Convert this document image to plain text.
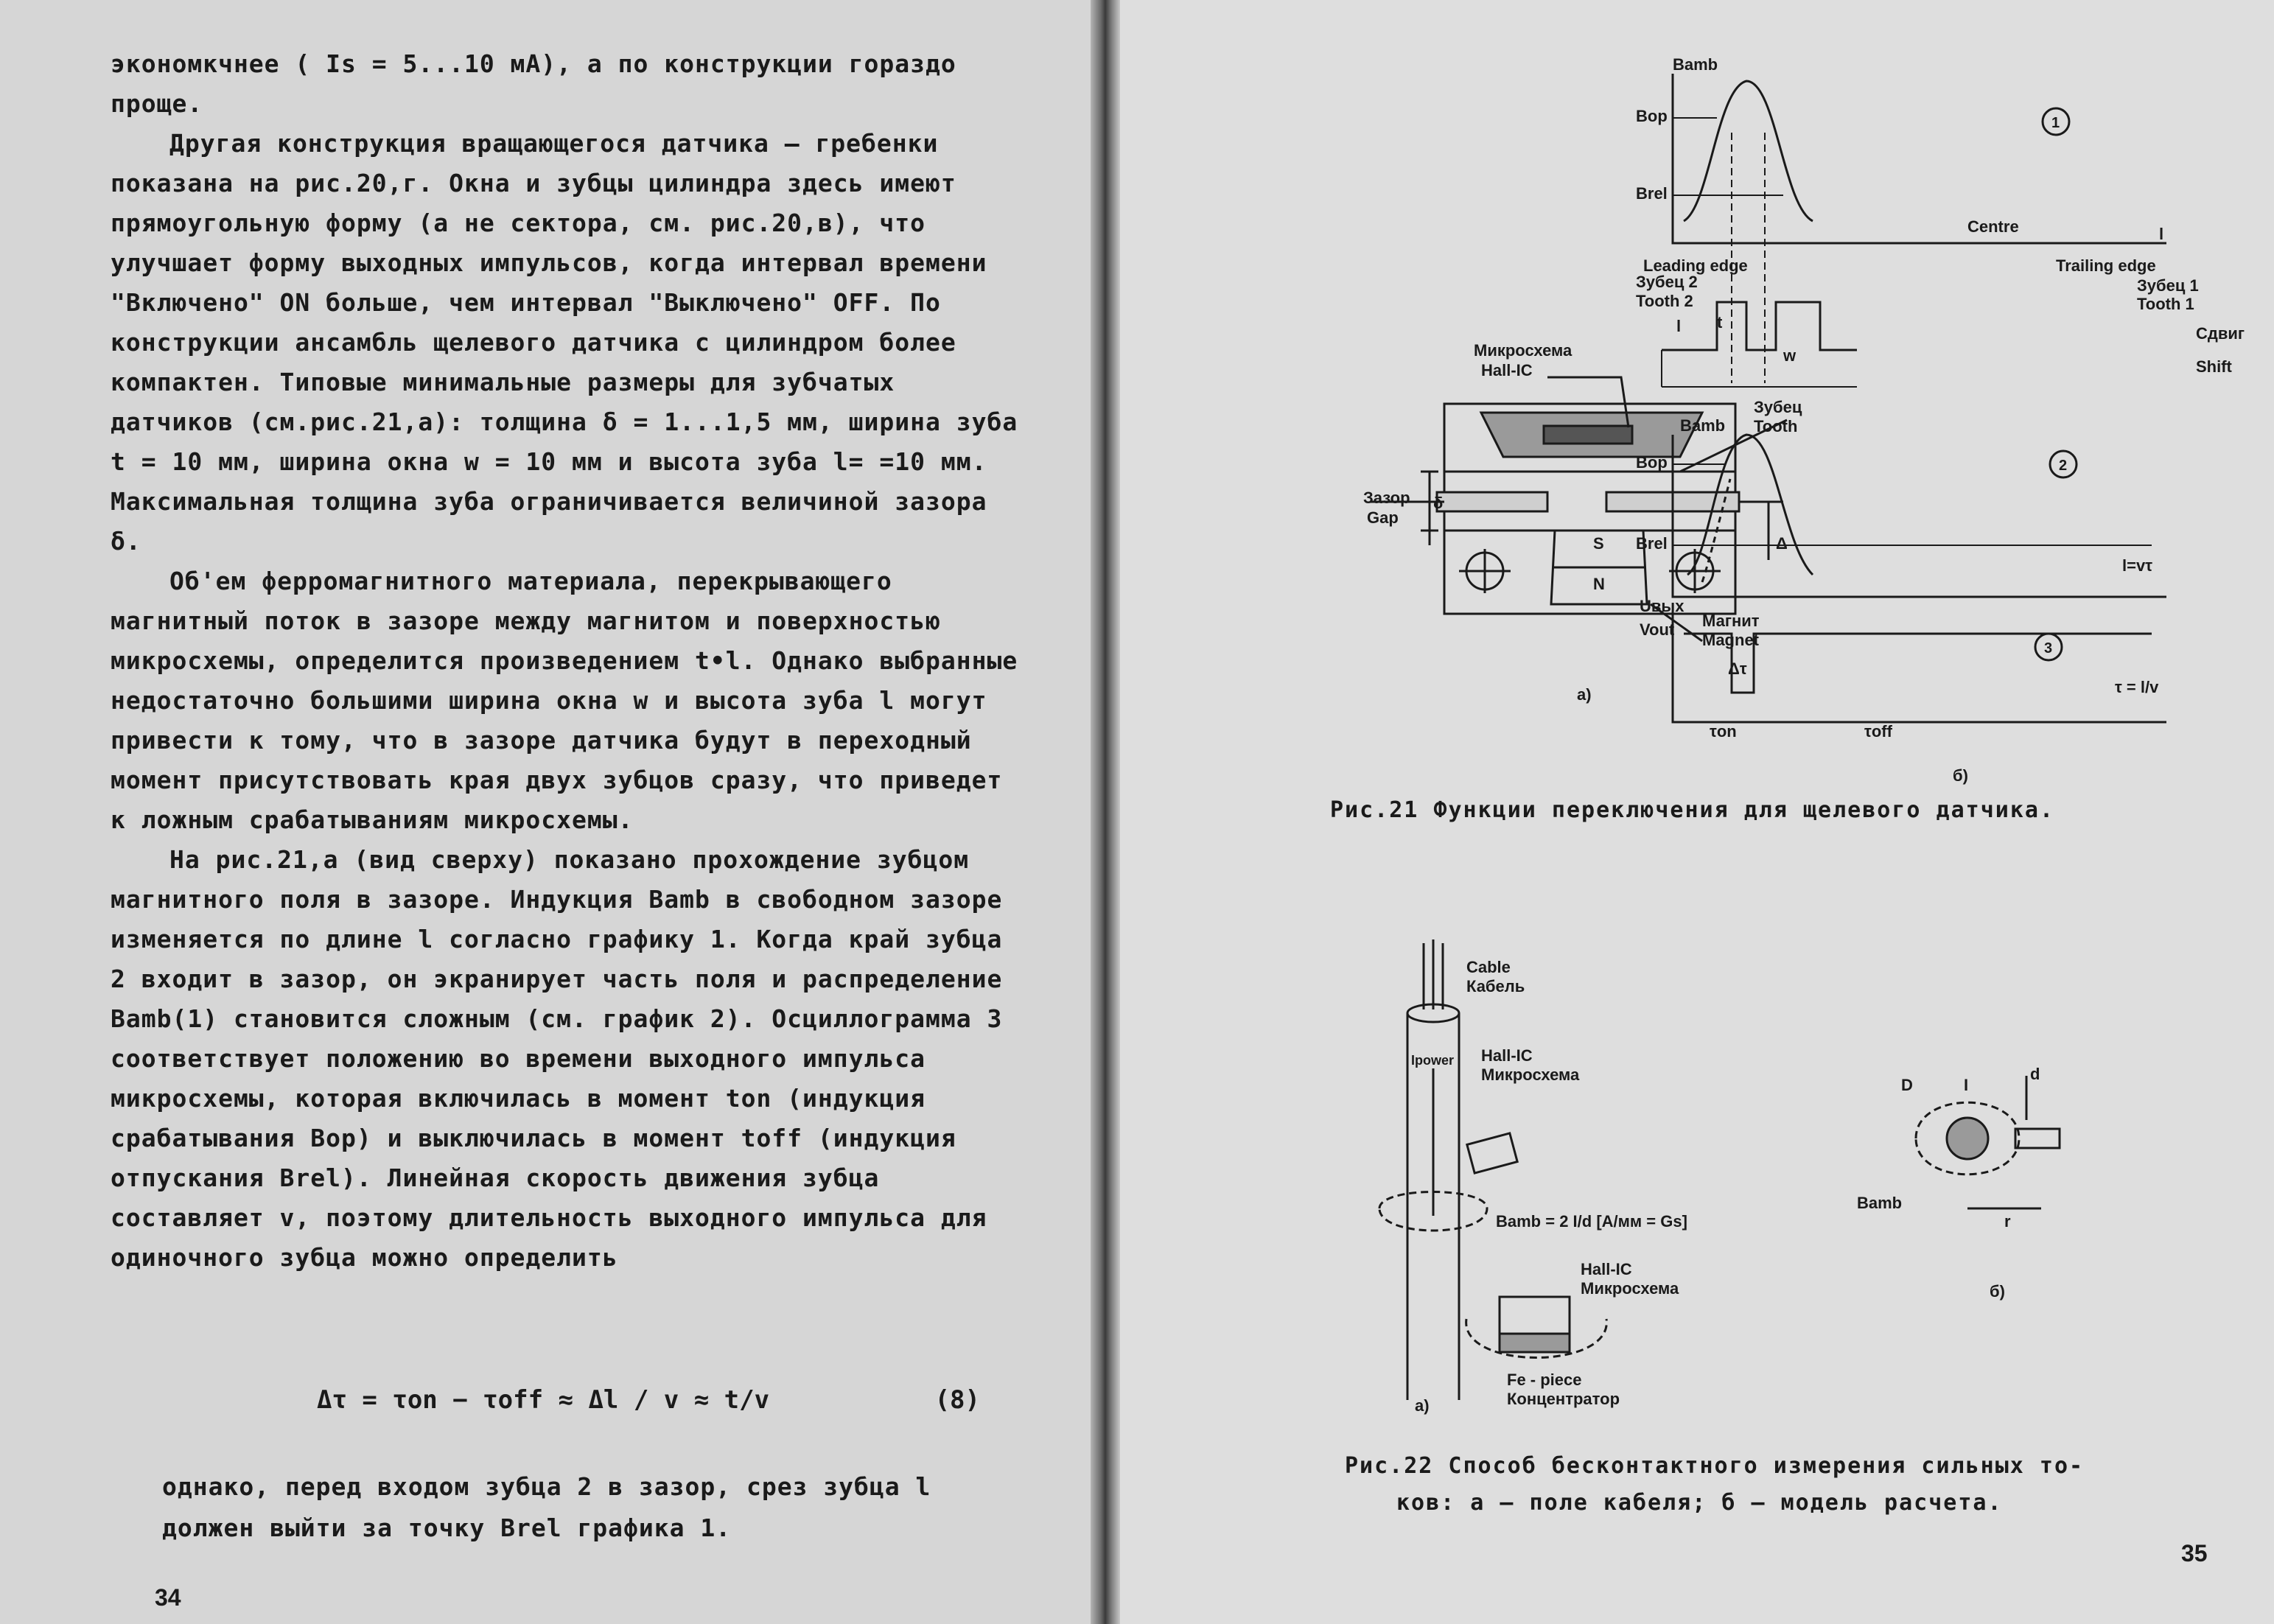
экономкчнее ( Is = 5...10 мА), а по конструкции гораздо проще.

Другая конструкция вращающегося датчика – гребенки показана на рис.20,г. Окна и зубцы цилиндра здесь имеют прямоугольную форму (а не сектора, см. рис.20,в), что улучшает форму выходных импульсов, когда интервал времени "Включено" ON больше, чем интервал "Выключено" OFF. По конструкции ансамбль щелевого датчика с цилиндром более компактен. Типовые минимальные размеры для зубчатых датчиков (см.рис.21,а): толщина δ = 1...1,5 мм, ширина зуба t = 10 мм, ширина окна w = 10 мм и высота зуба l= =10 мм. Максимальная толщина зуба ограничивается величиной зазора δ.

Об'ем ферромагнитного материала, перекрывающего магнитный поток в зазоре между магнитом и поверхностью микросхемы, определится произведением t•l. Однако выбранные недостаточно большими ширина окна w и высота зуба l могут привести к тому, что в зазоре датчика будут в переходный момент присутствовать края двух зубцов сразу, что приведет к ложным срабатываниям микросхемы.

На рис.21,а (вид сверху) показано прохождение зубцом магнитного поля в зазоре. Индукция Bamb в свободном зазоре изменяется по длине l согласно графику 1. Когда край зубца 2 входит в зазор, он экранирует часть поля и распределение Bamb(1) становится сложным (см. график 2). Осциллограмма 3 соответствует положению во времени выходного импульса микросхемы, которая включилась в момент ton (индукция срабатывания Bop) и выключилась в момент toff (индукция отпускания Brel). Линейная скорость движения зубца составляет v, поэтому длительность выходного импульса для одиночного зубца можно определить

Δτ = τon − τoff ≈ Δl / v ≈ t/v	(8)
однако, перед входом зубца 2 в зазор, срез зубца l должен выйти за точку Brel графика 1.
34
Микросхема
Hall-IC
Зубец
Tooth
Зазор
Gap
δ
Δ
S
N
Магнит
Magnet
а)
Bamb
Bop
Brel
Centre	l
Leading edge	Trailing edge
Зубец 2
Tooth 2
Зубец 1
Tooth 1
Сдвиг
Shift
t
w
l
Bamb
Bop
Brel
l=vτ
Uвых
Vout
Δτ
τon	τoff
τ = l/v
1
2
3
б)
Cable
Кабель
Ipower Hall-IC
Микросхема
Bamb = 2 I/d [A/мм = Gs]
Hall-IC
Микросхема
Fe - piece
Концентратор
а)
D	I
d
Bamb
r
б)
Рис.21 Функции переключения для щелевого датчика.
Рис.22 Способ бесконтактного измерения сильных то-
ков: а – поле кабеля; б – модель расчета.
35
